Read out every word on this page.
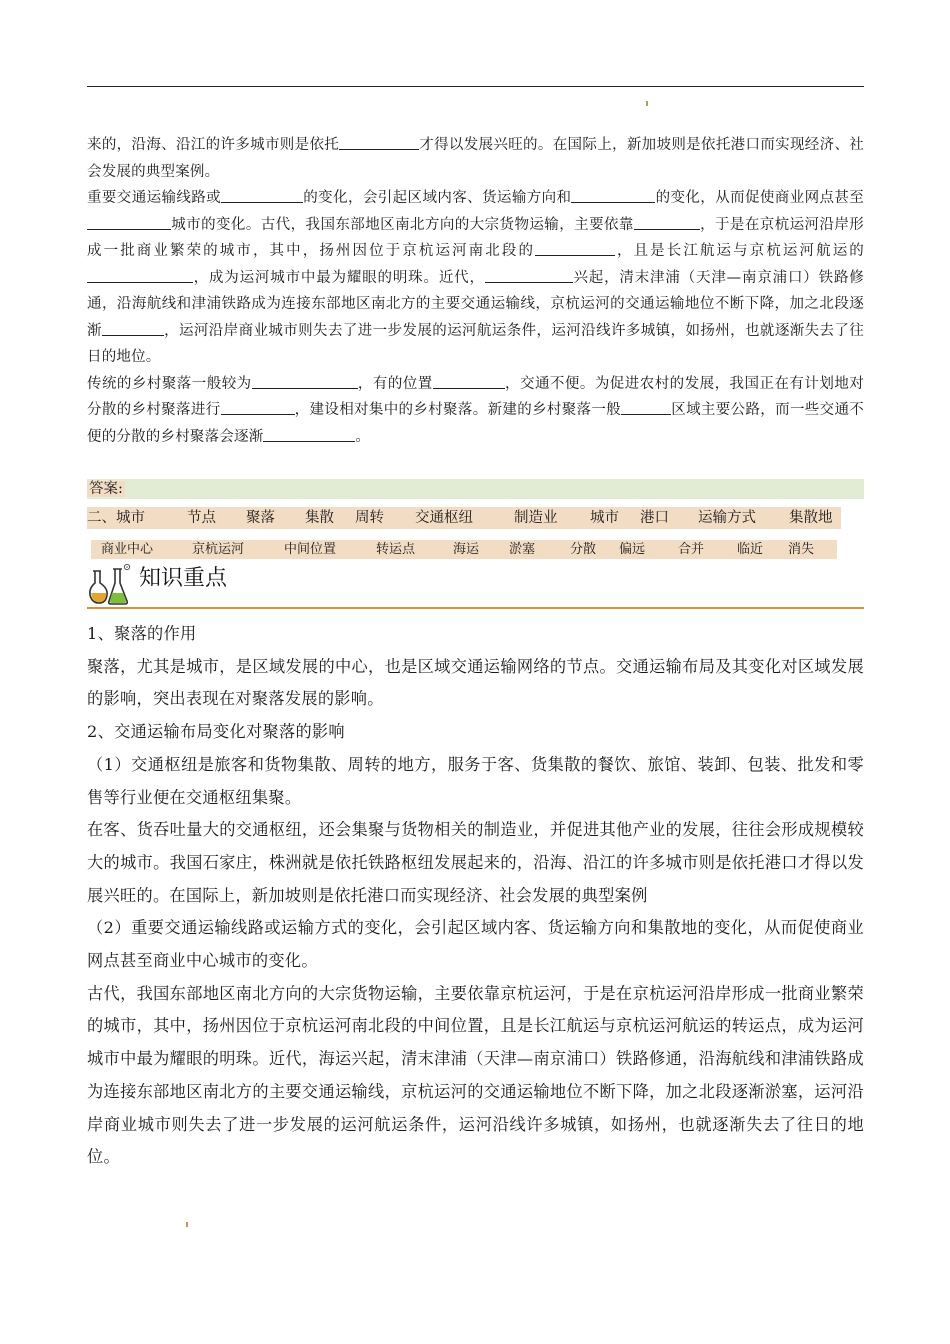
来的，沿海、沿江的许多城市则是依托	才得以发展兴旺的。在国际上，新加坡则是依托港口而实现经济、社会发展的典型案例。

重要交通运输线路或	的变化，会引起区域内客、货运输方向和	的变化，从而促使商业网点甚至城市的变化。古代，我国东部地区南北方向的大宗货物运输，主要依靠	，于是在京杭运河沿岸形成一批商业繁荣的城市，其中，扬州因位于京杭运河南北段的	，且是长江航运与京杭运河航运的，成为运河城市中最为耀眼的明珠。近代，	兴起，清末津浦（天津—南京浦口）铁路修通，沿海航线和津浦铁路成为连接东部地区南北方的主要交通运输线，京杭运河的交通运输地位不断下降，加之北段逐渐	，运河沿岸商业城市则失去了进一步发展的运河航运条件，运河沿线许多城镇，如扬州，也就逐渐失去了往日的地位。

传统的乡村聚落一般较为	，有的位置	，交通不便。为促进农村的发展，我国正在有计划地对分散的乡村聚落进行	，建设相对集中的乡村聚落。新建的乡村聚落一般	区域主要公路，而一些交通不便的分散的乡村聚落会逐渐	。

答案:
二、城市	节点 聚落 集散 周转 交通枢纽	制造业 城市 港口 运输方式 集散地
商业中心	京杭运河	中间位置	转运点	海运 淤塞	分散 偏远	合并	临近 消失
知识重点

1、聚落的作用

聚落，尤其是城市，是区域发展的中心，也是区域交通运输网络的节点。交通运输布局及其变化对区域发展的影响，突出表现在对聚落发展的影响。

2、交通运输布局变化对聚落的影响

（1）交通枢纽是旅客和货物集散、周转的地方，服务于客、货集散的餐饮、旅馆、装卸、包装、批发和零售等行业便在交通枢纽集聚。

在客、货吞吐量大的交通枢纽，还会集聚与货物相关的制造业，并促进其他产业的发展，往往会形成规模较大的城市。我国石家庄，株洲就是依托铁路枢纽发展起来的，沿海、沿江的许多城市则是依托港口才得以发展兴旺的。在国际上，新加坡则是依托港口而实现经济、社会发展的典型案例

（2）重要交通运输线路或运输方式的变化，会引起区域内客、货运输方向和集散地的变化，从而促使商业网点甚至商业中心城市的变化。

古代，我国东部地区南北方向的大宗货物运输，主要依靠京杭运河，于是在京杭运河沿岸形成一批商业繁荣的城市，其中，扬州因位于京杭运河南北段的中间位置，且是长江航运与京杭运河航运的转运点，成为运河城市中最为耀眼的明珠。近代，海运兴起，清末津浦（天津—南京浦口）铁路修通，沿海航线和津浦铁路成为连接东部地区南北方的主要交通运输线，京杭运河的交通运输地位不断下降，加之北段逐渐淤塞，运河沿岸商业城市则失去了进一步发展的运河航运条件，运河沿线许多城镇，如扬州，也就逐渐失去了往日的地位。
